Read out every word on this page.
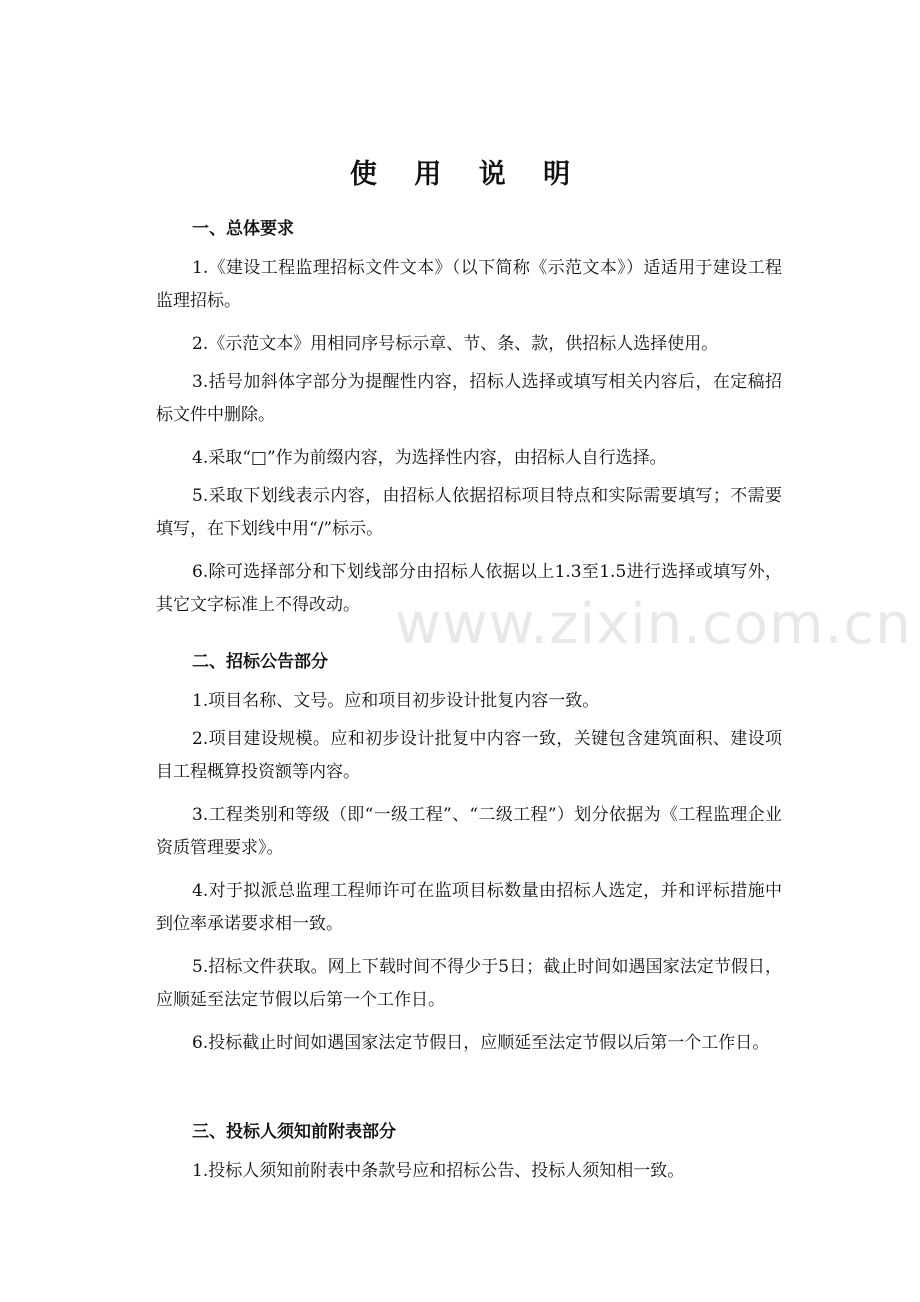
使 用 说 明
一、总体要求
1.《建设工程监理招标文件文本》（以下简称《示范文本》）适适用于建设工程监理招标。
2.《示范文本》用相同序号标示章、节、条、款，供招标人选择使用。
3.括号加斜体字部分为提醒性内容，招标人选择或填写相关内容后，在定稿招标文件中删除。
4.采取“□”作为前缀内容，为选择性内容，由招标人自行选择。
5.采取下划线表示内容，由招标人依据招标项目特点和实际需要填写；不需要填写，在下划线中用“/”标示。
6.除可选择部分和下划线部分由招标人依据以上1.3至1.5进行选择或填写外，其它文字标准上不得改动。 www.zixin.com.cn
二、招标公告部分
1.项目名称、文号。应和项目初步设计批复内容一致。
2.项目建设规模。应和初步设计批复中内容一致，关键包含建筑面积、建设项目工程概算投资额等内容。
3.工程类别和等级（即“一级工程”、“二级工程”）划分依据为《工程监理企业资质管理要求》。
4.对于拟派总监理工程师许可在监项目标数量由招标人选定，并和评标措施中到位率承诺要求相一致。
5.招标文件获取。网上下载时间不得少于5日；截止时间如遇国家法定节假日，应顺延至法定节假以后第一个工作日。
6.投标截止时间如遇国家法定节假日，应顺延至法定节假以后第一个工作日。
三、投标人须知前附表部分
1.投标人须知前附表中条款号应和招标公告、投标人须知相一致。
